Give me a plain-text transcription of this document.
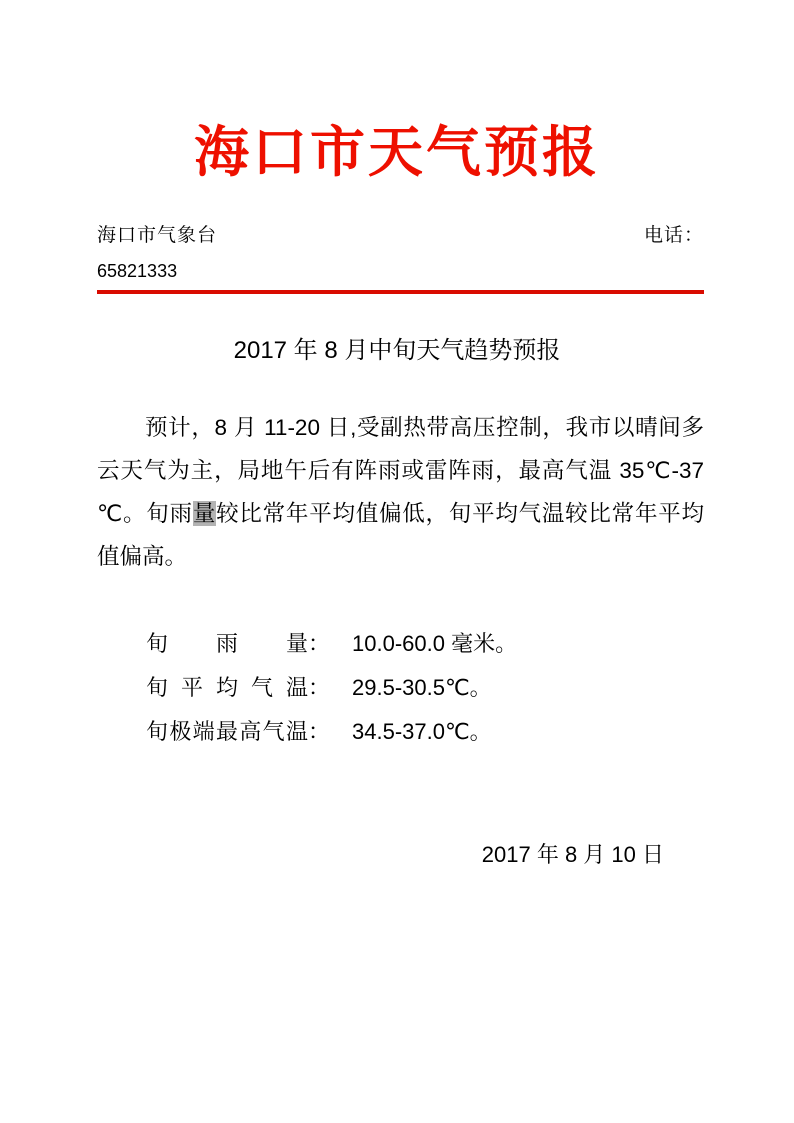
海口市天气预报
海口市气象台	电话：
65821333
2017 年 8 月中旬天气趋势预报
预计，8 月 11-20 日,受副热带高压控制，我市以晴间多
云天气为主，局地午后有阵雨或雷阵雨，最高气温 35℃-37
℃。旬雨量较比常年平均值偏低，旬平均气温较比常年平均
值偏高。
旬雨量： 10.0-60.0 毫米。
旬平均气温： 29.5-30.5℃。
旬极端最高气温： 34.5-37.0℃。
2017 年 8 月 10 日
